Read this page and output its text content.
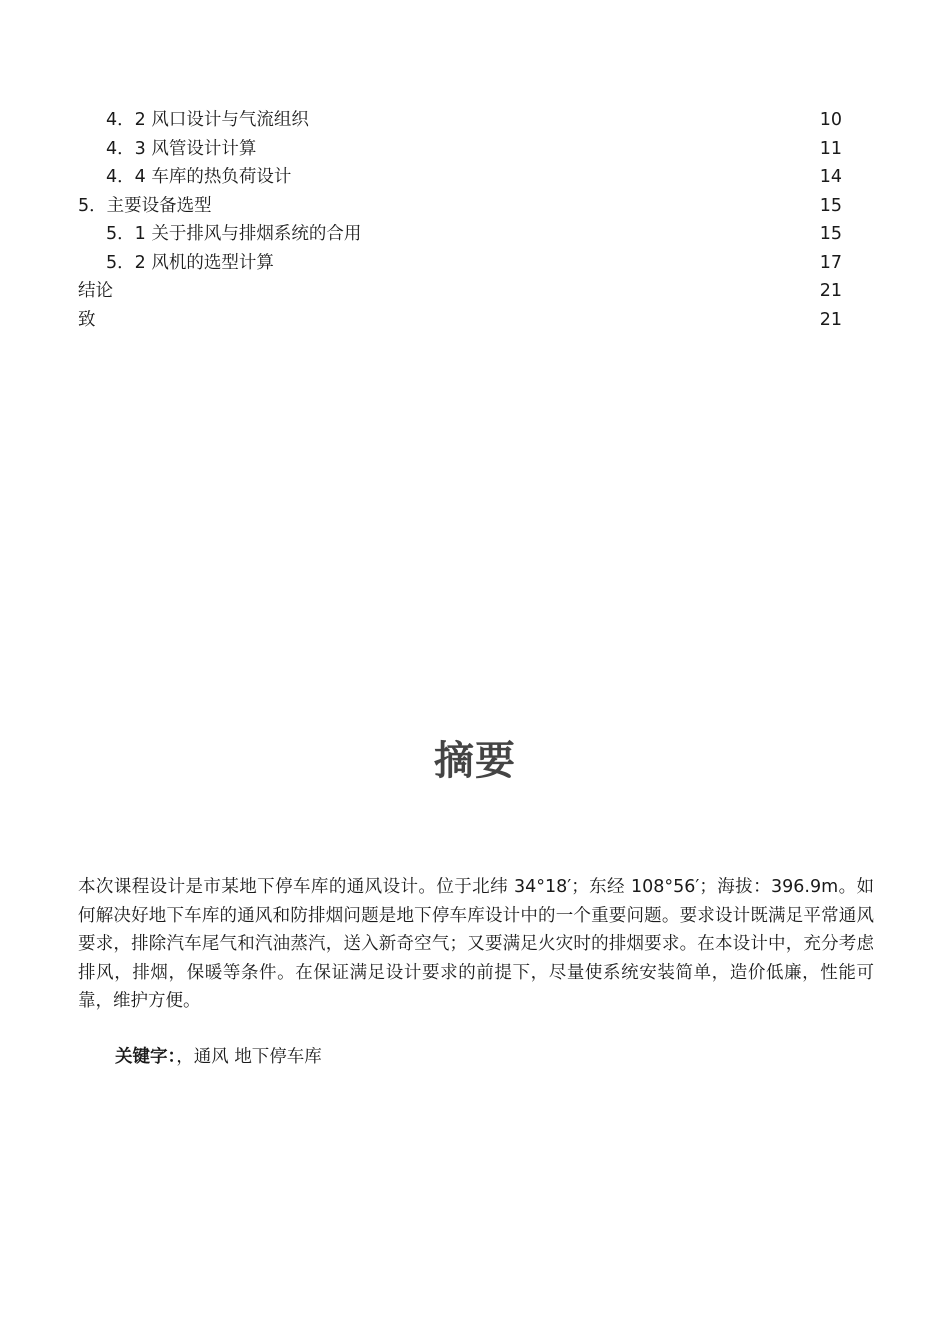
4．2 风口设计与气流组织	10
4．3 风管设计计算	11
4．4 车库的热负荷设计	14
5．主要设备选型	15
5．1 关于排风与排烟系统的合用	15
5．2 风机的选型计算	17
结论	21
致	21
摘要
本次课程设计是市某地下停车库的通风设计。位于北纬 34°18′；东经 108°56′；海拔：396.9m。如何解决好地下车库的通风和防排烟问题是地下停车库设计中的一个重要问题。要求设计既满足平常通风要求，排除汽车尾气和汽油蒸汽，送入新奇空气；又要满足火灾时的排烟要求。在本设计中，充分考虑排风，排烟，保暖等条件。在保证满足设计要求的前提下，尽量使系统安装简单，造价低廉，性能可靠，维护方便。
关键字：，通风 地下停车库
